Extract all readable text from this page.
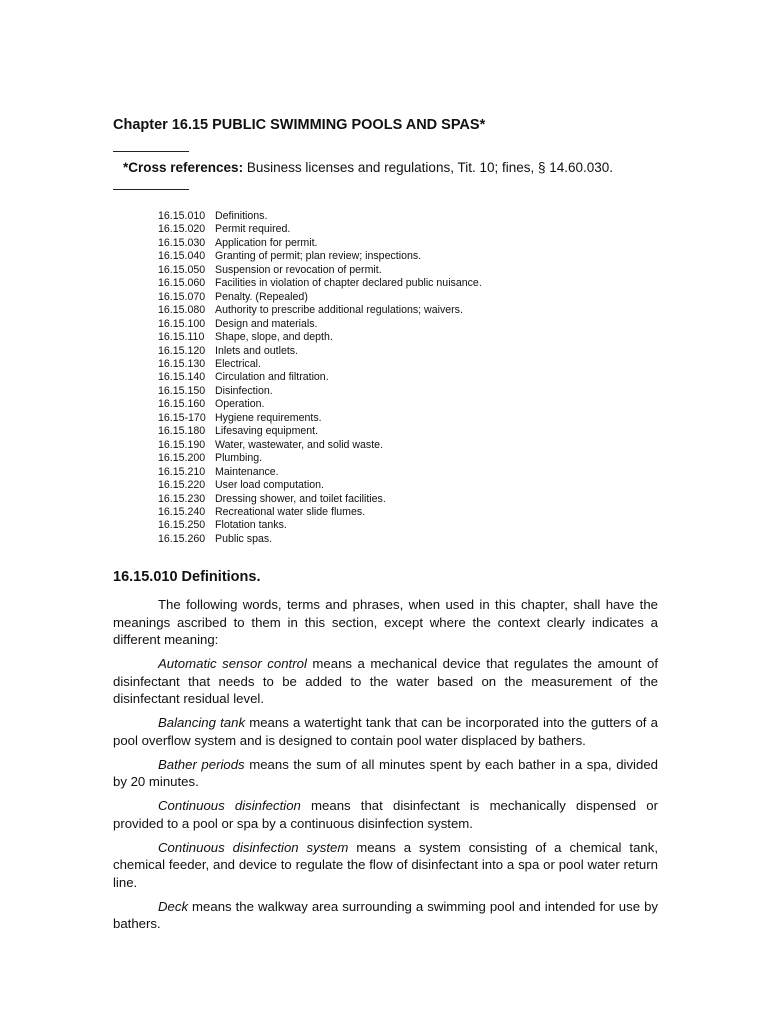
Chapter 16.15 PUBLIC SWIMMING POOLS AND SPAS*
*Cross references: Business licenses and regulations, Tit. 10; fines, § 14.60.030.
16.15.010 Definitions.
16.15.020 Permit required.
16.15.030 Application for permit.
16.15.040 Granting of permit; plan review; inspections.
16.15.050 Suspension or revocation of permit.
16.15.060 Facilities in violation of chapter declared public nuisance.
16.15.070 Penalty. (Repealed)
16.15.080 Authority to prescribe additional regulations; waivers.
16.15.100 Design and materials.
16.15.110	Shape, slope, and depth.
16.15.120 Inlets and outlets.
16.15.130 Electrical.
16.15.140 Circulation and filtration.
16.15.150 Disinfection.
16.15.160 Operation.
16.15-170 Hygiene requirements.
16.15.180 Lifesaving equipment.
16.15.190 Water, wastewater, and solid waste.
16.15.200 Plumbing.
16.15.210 Maintenance.
16.15.220 User load computation.
16.15.230 Dressing shower, and toilet facilities.
16.15.240 Recreational water slide flumes.
16.15.250 Flotation tanks.
16.15.260 Public spas.
16.15.010 Definitions.

The following words, terms and phrases, when used in this chapter, shall have the meanings ascribed to them in this section, except where the context clearly indicates a different meaning:

Automatic sensor control means a mechanical device that regulates the amount of disinfectant that needs to be added to the water based on the measurement of the disinfectant residual level.

Balancing tank means a watertight tank that can be incorporated into the gutters of a pool overflow system and is designed to contain pool water displaced by bathers.

Bather periods means the sum of all minutes spent by each bather in a spa, divided by 20 minutes.

Continuous disinfection means that disinfectant is mechanically dispensed or provided to a pool or spa by a continuous disinfection system.

Continuous disinfection system means a system consisting of a chemical tank, chemical feeder, and device to regulate the flow of disinfectant into a spa or pool water return line.

Deck means the walkway area surrounding a swimming pool and intended for use by bathers.
